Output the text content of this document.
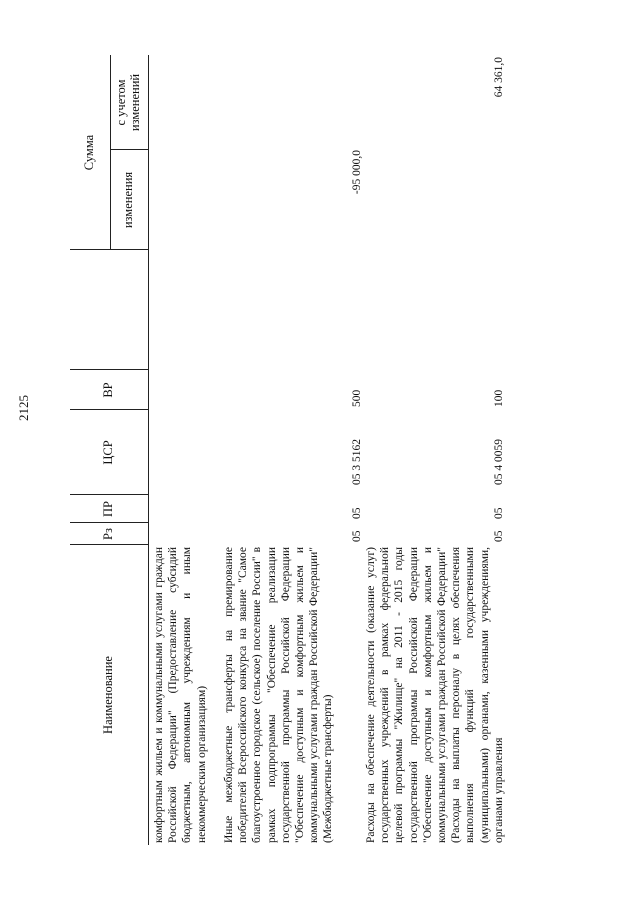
2125
Наименование
Рз
ПР
ЦСР
ВР
Сумма
изменения
с учетом изменений
комфортным жильем и коммунальными услугами граждан Российской Федерации" (Предоставление субсидий бюджетным, автономным учреждениям и иным некоммерческим организациям) Иные межбюджетные трансферты на премирование победителей Всероссийского конкурса на звание "Самое благоустроенное городское (сельское) поселение России" в рамках подпрограммы "Обеспечение реализации государственной программы Российской Федерации "Обеспечение доступным и комфортным жильем и коммунальными услугами граждан Российской Федерации" (Межбюджетные трансферты)
05
05
05 3 5162
500
-95 000,0
Расходы на обеспечение деятельности (оказание услуг) государственных учреждений в рамках федеральной целевой программы "Жилище" на 2011 - 2015 годы государственной программы Российской Федерации "Обеспечение доступным и комфортным жильем и коммунальными услугами граждан Российской Федерации" (Расходы на выплаты персоналу в целях обеспечения выполнения функций государственными (муниципальными) органами, казенными учреждениями, органами управления
05
05
05 4 0059
100
64 361,0
